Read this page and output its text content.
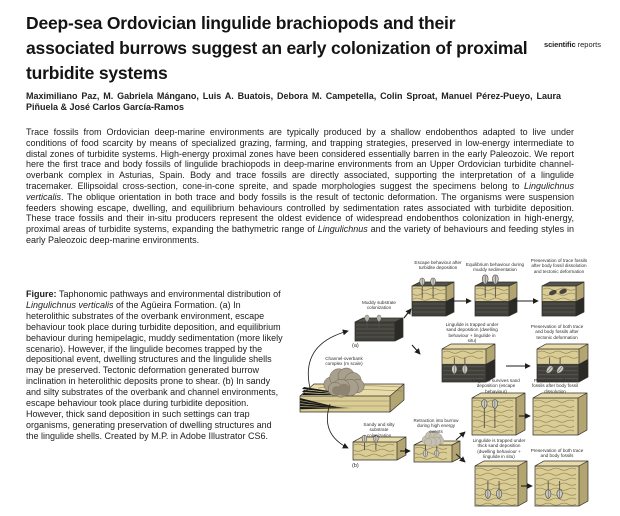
Deep-sea Ordovician lingulide brachiopods and their associated burrows suggest an early colonization of proximal turbidite systems
scientific reports
Maximiliano Paz, M. Gabriela Mángano, Luis A. Buatois, Debora M. Campetella, Colin Sproat, Manuel Pérez-Pueyo, Laura Piñuela & José Carlos García-Ramos
Trace fossils from Ordovician deep-marine environments are typically produced by a shallow endobenthos adapted to live under conditions of food scarcity by means of specialized grazing, farming, and trapping strategies, preserved in low-energy intermediate to distal zones of turbidite systems. High-energy proximal zones have been considered essentially barren in the early Paleozoic. We report here the first trace and body fossils of lingulide brachiopods in deep-marine environments from an Upper Ordovician turbidite channel-overbank complex in Asturias, Spain. Body and trace fossils are directly associated, supporting the interpretation of a lingulide tracemaker. Ellipsoidal cross-section, cone-in-cone spreite, and spade morphologies suggest the specimens belong to Lingulichnus verticalis. The oblique orientation in both trace and body fossils is the result of tectonic deformation. The organisms were suspension feeders showing escape, dwelling, and equilibrium behaviours controlled by sedimentation rates associated with turbidite deposition. These trace fossils and their in-situ producers represent the oldest evidence of widespread endobenthos colonization in high-energy, proximal areas of turbidite systems, expanding the bathymetric range of Lingulichnus and the variety of behaviours and feeding styles in early Paleozoic deep-marine environments.
Figure: Taphonomic pathways and environmental distribution of Lingulichnus verticalis of the Agüeira Formation. (a) In heterolithic substrates of the overbank environment, escape behaviour took place during turbidite deposition, and equilibrium behaviour during hemipelagic, muddy sedimentation (more likely scenario). However, if the lingulide becomes trapped by the depositional event, dwelling structures and the lingulide shells may be preserved. Tectonic deformation generated burrow inclination in heterolithic deposits prone to shear. (b) In sandy and silty substrates of the overbank and channel environments, escape behaviour took place during turbidite deposition. However, thick sand deposition in such settings can trap organisms, generating preservation of dwelling structures and the lingulide shells. Created by M.P. in Adobe Illustrator CS6.
Escape behaviour after turbidite deposition
Equilibrium behaviour during muddy sedimentation
Preservation of trace fossils after body fossil dissolution and tectonic deformation
Muddy substrate colonization
Lingulide is trapped under sand deposition (dwelling behaviour + lingulide in situ)
Preservation of both trace and body fossils after tectonic deformation
Channel-overbank complex (m scale)
Sandy and silty substrate colonization
Retraction into burrow during high energy events
Lingulide survives sand deposition (escape behaviour)
Preservation of trace fossils after body fossil dissolution
Lingulide is trapped under thick sand deposition (dwelling behaviour + lingulide in situ)
Preservation of both trace and body fossils
(a)
(b)
